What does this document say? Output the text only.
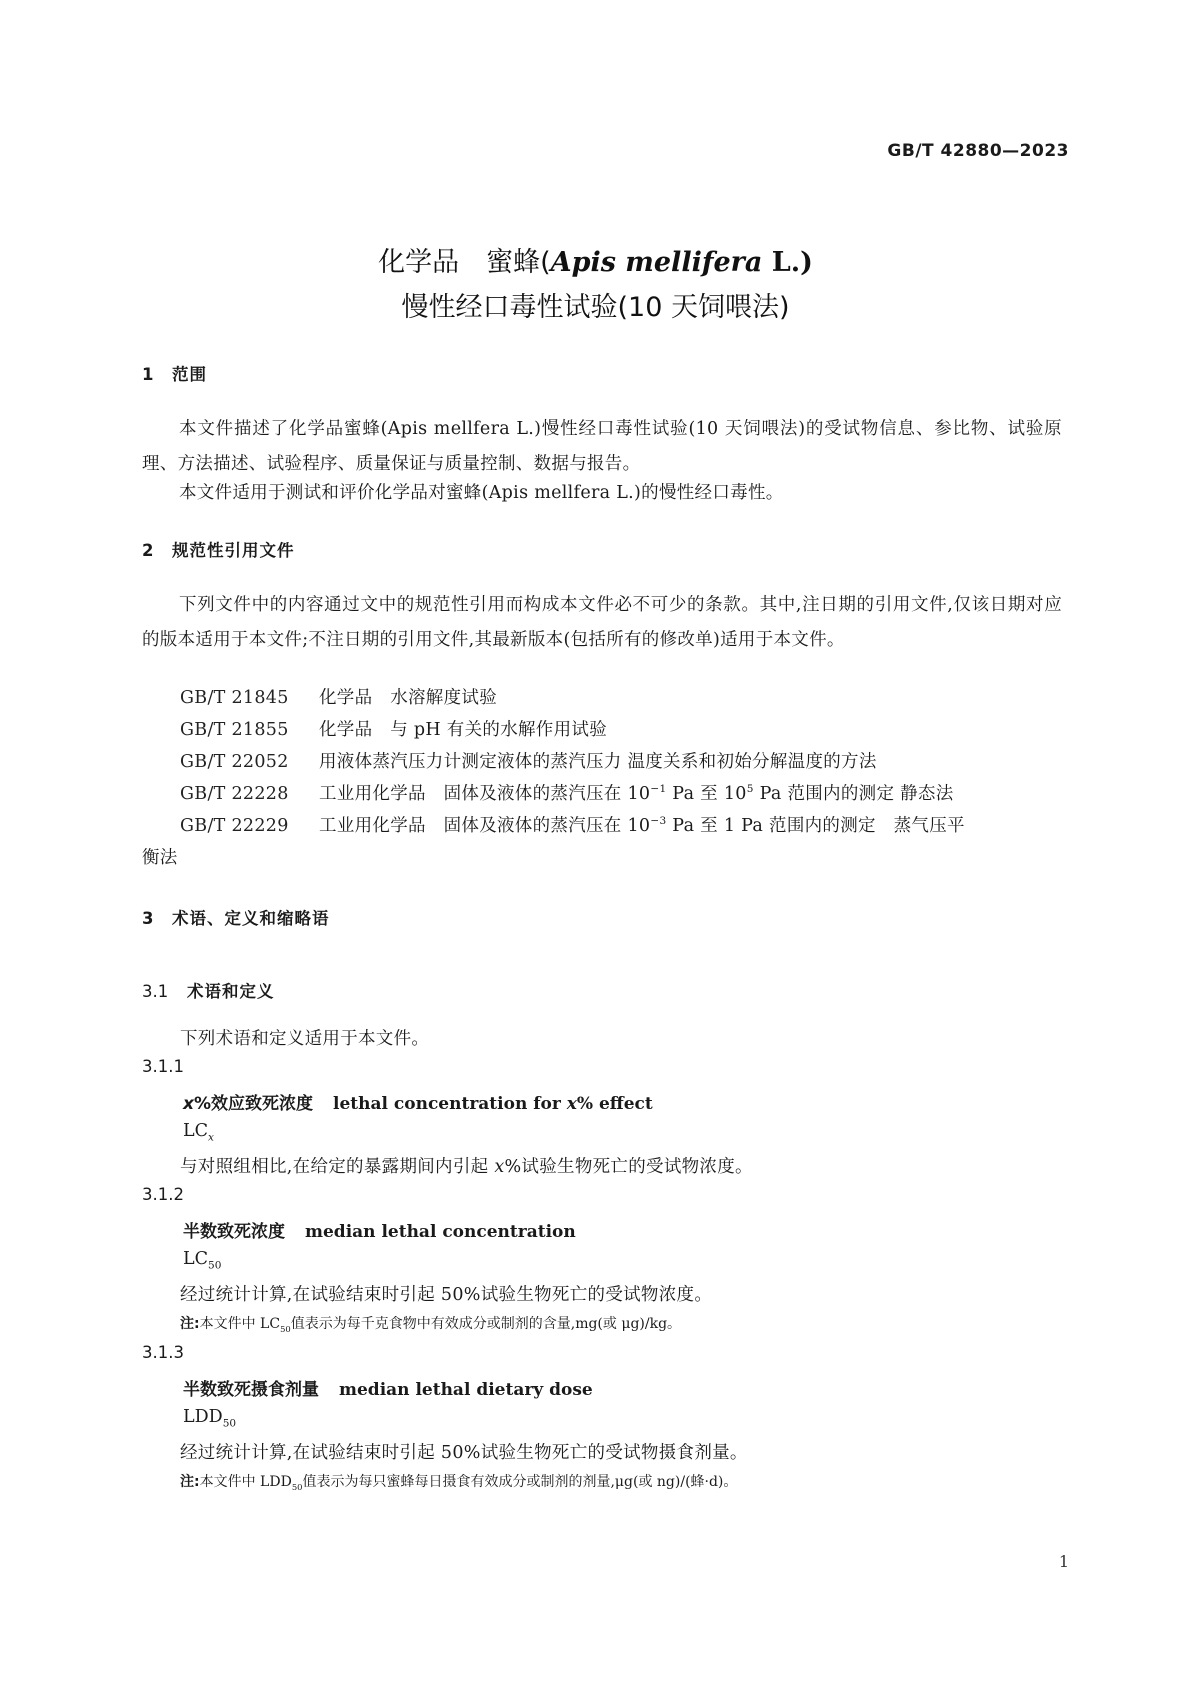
GB/T 42880—2023
化学品　蜜蜂(Apis mellifera L.)
慢性经口毒性试验(10 天饲喂法)
1 范围
本文件描述了化学品蜜蜂(Apis mellfera L.)慢性经口毒性试验(10 天饲喂法)的受试物信息、参比物、试验原理、方法描述、试验程序、质量保证与质量控制、数据与报告。
本文件适用于测试和评价化学品对蜜蜂(Apis mellfera L.)的慢性经口毒性。
2 规范性引用文件
下列文件中的内容通过文中的规范性引用而构成本文件必不可少的条款。其中,注日期的引用文件,仅该日期对应的版本适用于本文件;不注日期的引用文件,其最新版本(包括所有的修改单)适用于本文件。
GB/T 21845 化学品　水溶解度试验
GB/T 21855 化学品　与 pH 有关的水解作用试验
GB/T 22052 用液体蒸汽压力计测定液体的蒸汽压力 温度关系和初始分解温度的方法
GB/T 22228 工业用化学品　固体及液体的蒸汽压在 $10^{-1}$ Pa 至 $10^5$ Pa 范围内的测定 静态法
GB/T 22229 工业用化学品　固体及液体的蒸汽压在 $10^{-3}$ Pa 至 1 Pa 范围内的测定　蒸气压平
衡法
3 术语、定义和缩略语
3.1 术语和定义
下列术语和定义适用于本文件。
3.1.1
x%效应致死浓度 lethal concentration for x% effect
$LC_x$
与对照组相比,在给定的暴露期间内引起 x%试验生物死亡的受试物浓度。
3.1.2
半数致死浓度 median lethal concentration
$LC_{50}$
经过统计计算,在试验结束时引起 50%试验生物死亡的受试物浓度。
注:本文件中 $LC_{50}$值表示为每千克食物中有效成分或制剂的含量,mg(或 μg)/kg。
3.1.3
半数致死摄食剂量 median lethal dietary dose
$LDD_{50}$
经过统计计算,在试验结束时引起 50%试验生物死亡的受试物摄食剂量。
注:本文件中 $LDD_{50}$值表示为每只蜜蜂每日摄食有效成分或制剂的剂量,μg(或 ng)/(蜂·d)。
1
